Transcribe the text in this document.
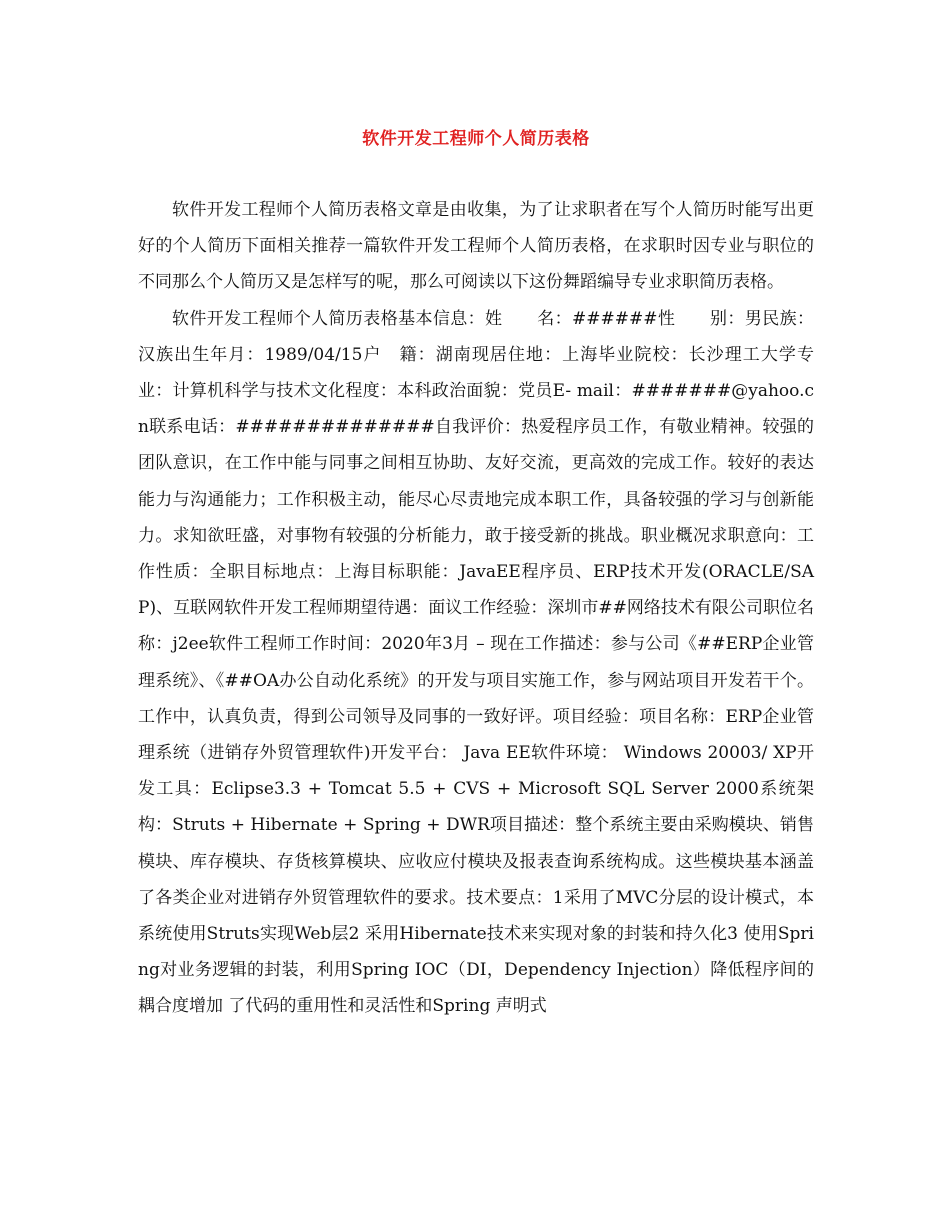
软件开发工程师个人简历表格

软件开发工程师个人简历表格文章是由收集，为了让求职者在写个人简历时能写出更好的个人简历下面相关推荐一篇软件开发工程师个人简历表格，在求职时因专业与职位的不同那么个人简历又是怎样写的呢，那么可阅读以下这份舞蹈编导专业求职简历表格。

软件开发工程师个人简历表格基本信息：姓　　名：######性　　别：男民族：汉族出生年月：1989/04/15户　籍：湖南现居住地：上海毕业院校：长沙理工大学专　　业：计算机科学与技术文化程度：本科政治面貌：党员E- mail：#######@yahoo.cn联系电话：##############自我评价：热爱程序员工作，有敬业精神。较强的团队意识，在工作中能与同事之间相互协助、友好交流，更高效的完成工作。较好的表达能力与沟通能力；工作积极主动，能尽心尽责地完成本职工作，具备较强的学习与创新能力。求知欲旺盛，对事物有较强的分析能力，敢于接受新的挑战。职业概况求职意向：工作性质：全职目标地点：上海目标职能：JavaEE程序员、ERP技术开发(ORACLE/SAP)、互联网软件开发工程师期望待遇：面议工作经验：深圳市##网络技术有限公司职位名称：j2ee软件工程师工作时间：2020年3月 – 现在工作描述：参与公司《##ERP企业管理系统》、《##OA办公自动化系统》的开发与项目实施工作，参与网站项目开发若干个。工作中，认真负责，得到公司领导及同事的一致好评。项目经验：项目名称：ERP企业管理系统（进销存外贸管理软件)开发平台： Java EE软件环境： Windows 20003/ XP开发工具：Eclipse3.3 + Tomcat 5.5 + CVS + Microsoft SQL Server 2000系统架构：Struts + Hibernate + Spring + DWR项目描述：整个系统主要由采购模块、销售模块、库存模块、存货核算模块、应收应付模块及报表查询系统构成。这些模块基本涵盖了各类企业对进销存外贸管理软件的要求。技术要点：1采用了MVC分层的设计模式，本系统使用Struts实现Web层2 采用Hibernate技术来实现对象的封装和持久化3 使用Spring对业务逻辑的封装，利用Spring IOC（DI，Dependency Injection）降低程序间的耦合度增加 了代码的重用性和灵活性和Spring 声明式
